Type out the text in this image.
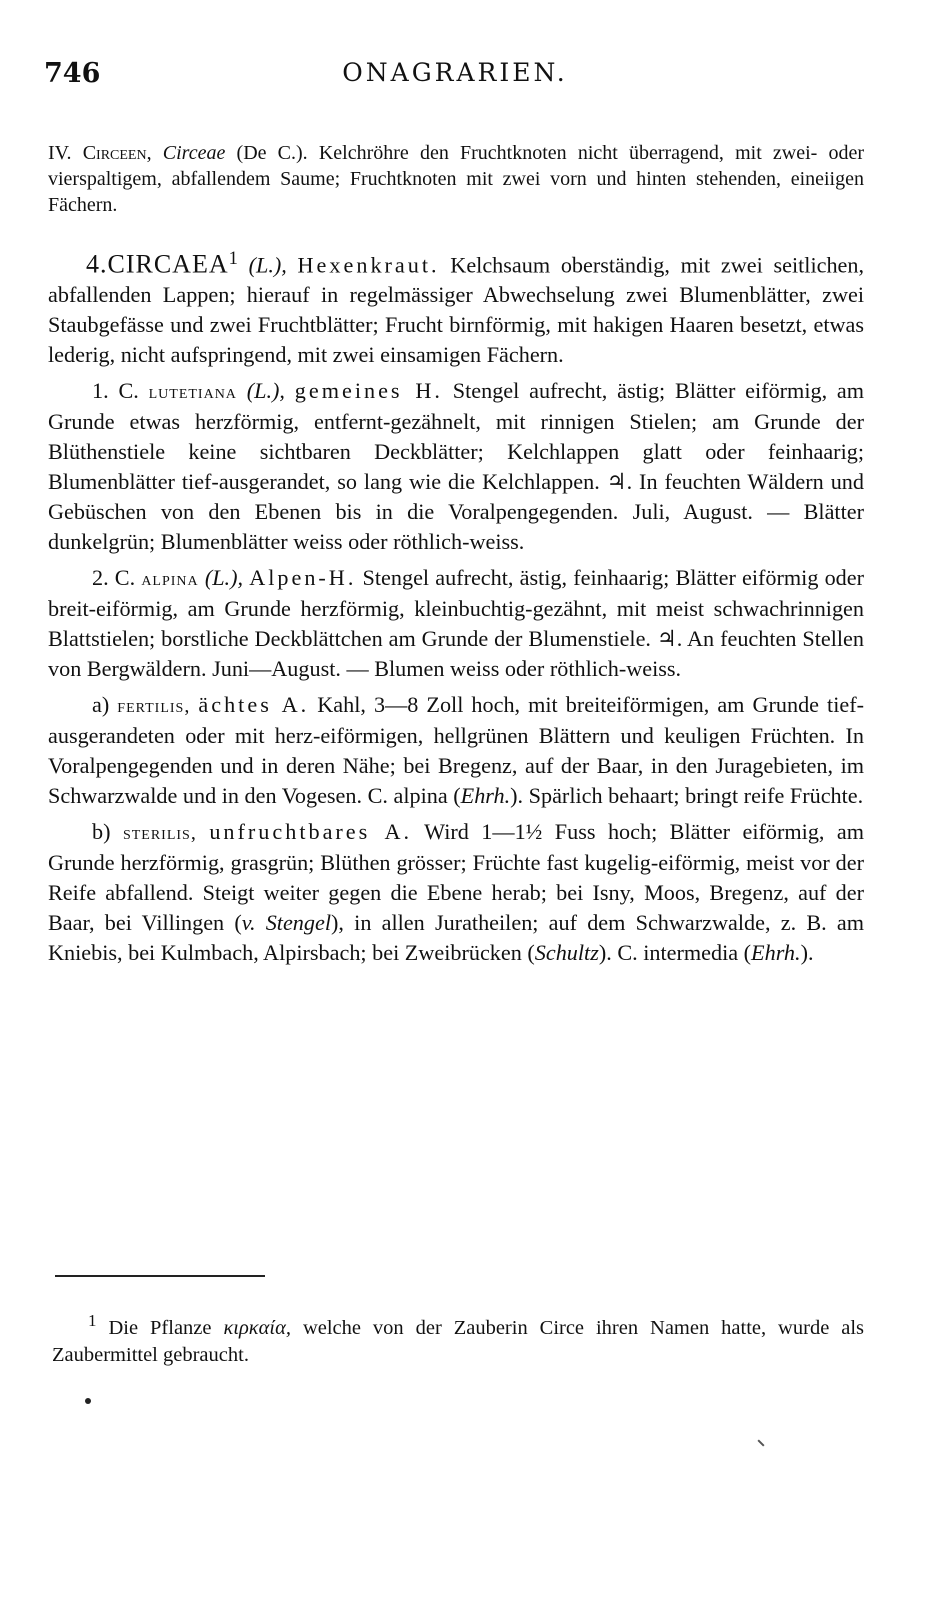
746	ONAGRARIEN.

IV. Circeen, Circeae (De C.). Kelchröhre den Fruchtknoten nicht überragend, mit zwei- oder vierspaltigem, abfallendem Saume; Fruchtknoten mit zwei vorn und hinten stehenden, eineiigen Fächern.

4.CIRCAEA$^1$ (L.), Hexenkraut. Kelchsaum oberständig, mit zwei seitlichen, abfallenden Lappen; hierauf in regelmässiger Abwechselung zwei Blumenblätter, zwei Staubgefässe und zwei Fruchtblätter; Frucht birnförmig, mit hakigen Haaren besetzt, etwas lederig, nicht aufspringend, mit zwei einsamigen Fächern.

1. C. lutetiana (L.), gemeines H. Stengel aufrecht, ästig; Blätter eiförmig, am Grunde etwas herzförmig, entfernt-gezähnelt, mit rinnigen Stielen; am Grunde der Blüthenstiele keine sichtbaren Deckblätter; Kelchlappen glatt oder feinhaarig; Blumenblätter tief-ausgerandet, so lang wie die Kelchlappen. ♃. In feuchten Wäldern und Gebüschen von den Ebenen bis in die Voralpengegenden. Juli, August. — Blätter dunkelgrün; Blumenblätter weiss oder röthlich-weiss.

2. C. alpina (L.), Alpen-H. Stengel aufrecht, ästig, feinhaarig; Blätter eiförmig oder breit-eiförmig, am Grunde herzförmig, kleinbuchtig-gezähnt, mit meist schwachrinnigen Blattstielen; borstliche Deckblättchen am Grunde der Blumenstiele. ♃. An feuchten Stellen von Bergwäldern. Juni—August. — Blumen weiss oder röthlich-weiss.

a) fertilis, ächtes A. Kahl, 3—8 Zoll hoch, mit breiteiförmigen, am Grunde tief-ausgerandeten oder mit herz-eiförmigen, hellgrünen Blättern und keuligen Früchten. In Voralpengegenden und in deren Nähe; bei Bregenz, auf der Baar, in den Juragebieten, im Schwarzwalde und in den Vogesen. C. alpina (Ehrh.). Spärlich behaart; bringt reife Früchte.

b) sterilis, unfruchtbares A. Wird 1—1½ Fuss hoch; Blätter eiförmig, am Grunde herzförmig, grasgrün; Blüthen grösser; Früchte fast kugelig-eiförmig, meist vor der Reife abfallend. Steigt weiter gegen die Ebene herab; bei Isny, Moos, Bregenz, auf der Baar, bei Villingen (v. Stengel), in allen Juratheilen; auf dem Schwarzwalde, z. B. am Kniebis, bei Kulmbach, Alpirsbach; bei Zweibrücken (Schultz). C. intermedia (Ehrh.).

$^1$ Die Pflanze κιρκαία, welche von der Zauberin Circe ihren Namen hatte, wurde als Zaubermittel gebraucht.
